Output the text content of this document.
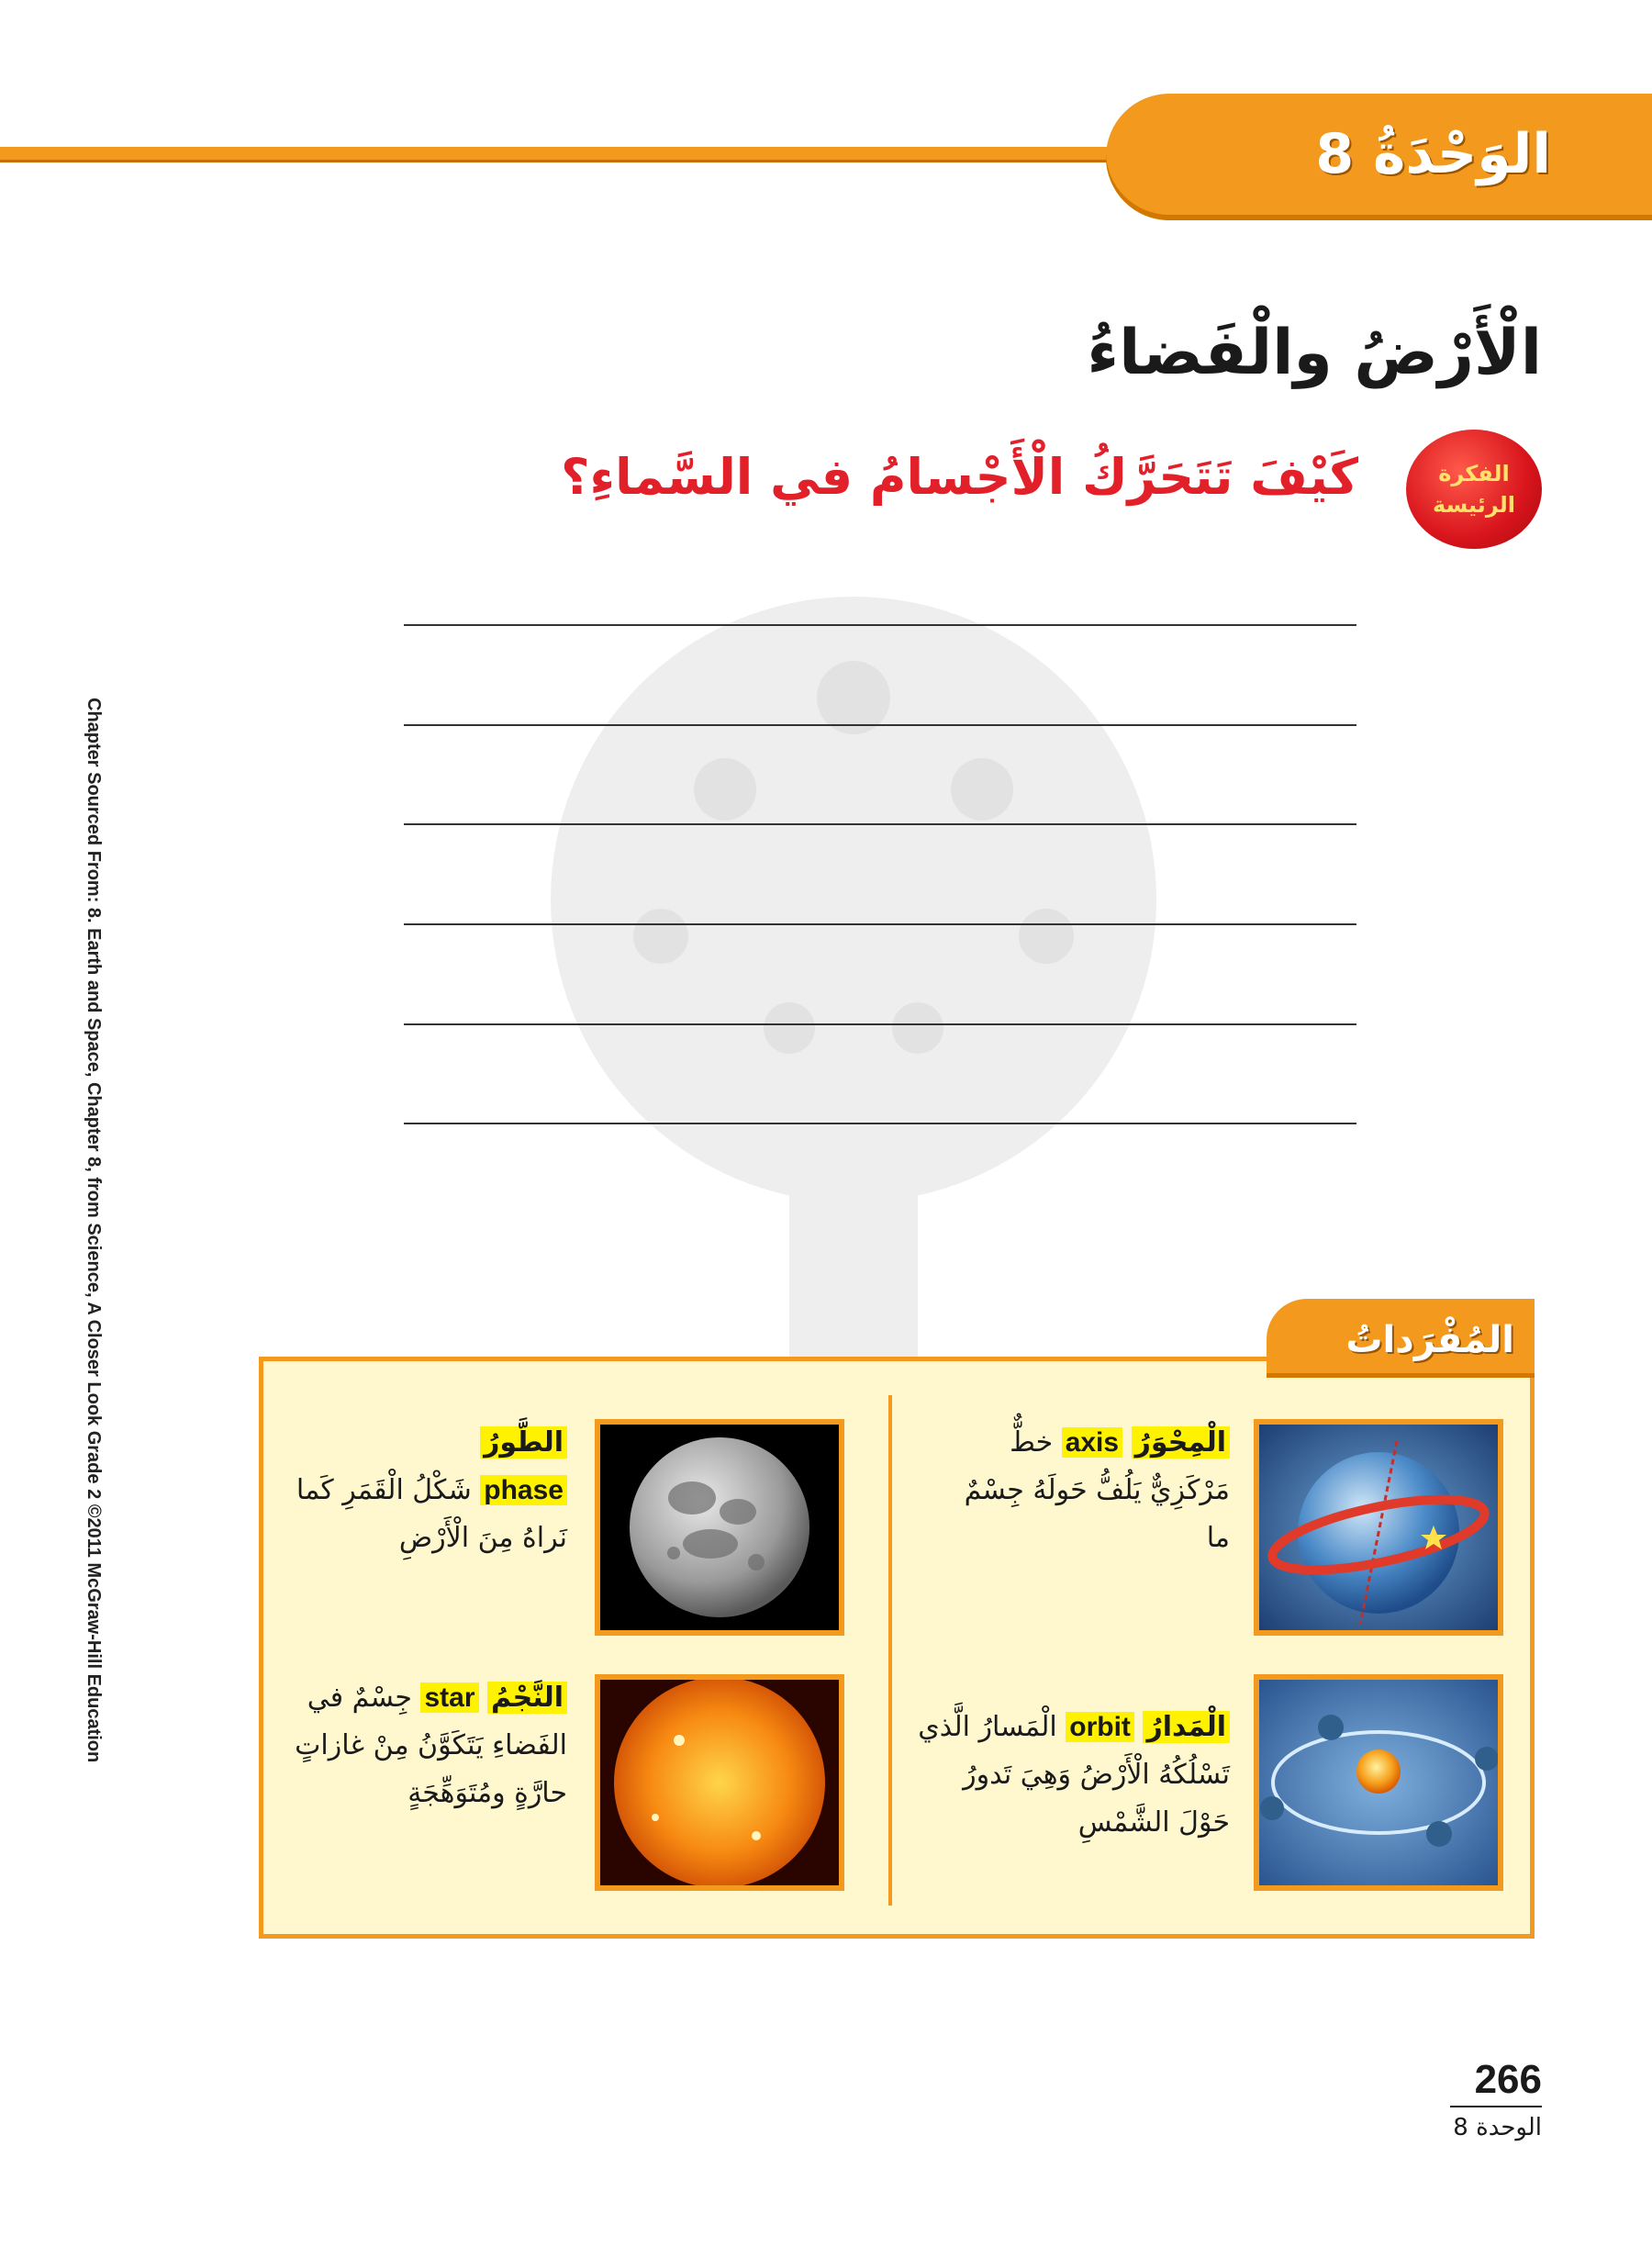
الوَحْدَةُ 8
الْأَرْضُ والْفَضاءُ
الفكرة
الرئيسة
كَيْفَ تَتَحَرَّكُ الْأَجْسامُ في السَّماءِ؟
المُفْرَداتُ
الْمِحْوَرُ axis خطٌّ مَرْكَزِيٌّ يَلُفُّ حَولَهُ جِسْمٌ ما
الطَّورُ
phase شَكْلُ الْقَمَرِ كَما نَراهُ مِنَ الْأَرْضِ
الْمَدارُ orbit الْمَسارُ الَّذي تَسْلُكُهُ الْأَرْضُ وَهِيَ تَدورُ حَوْلَ الشَّمْسِ
النَّجْمُ star جِسْمٌ في الفَضاءِ يَتَكَوَّنُ مِنْ غازاتٍ حارَّةٍ ومُتَوَهِّجَةٍ
Chapter Sourced From: 8. Earth and Space, Chapter 8, from Science, A Closer Look Grade 2 ©2011 McGraw-Hill Education
266
الوحدة 8
